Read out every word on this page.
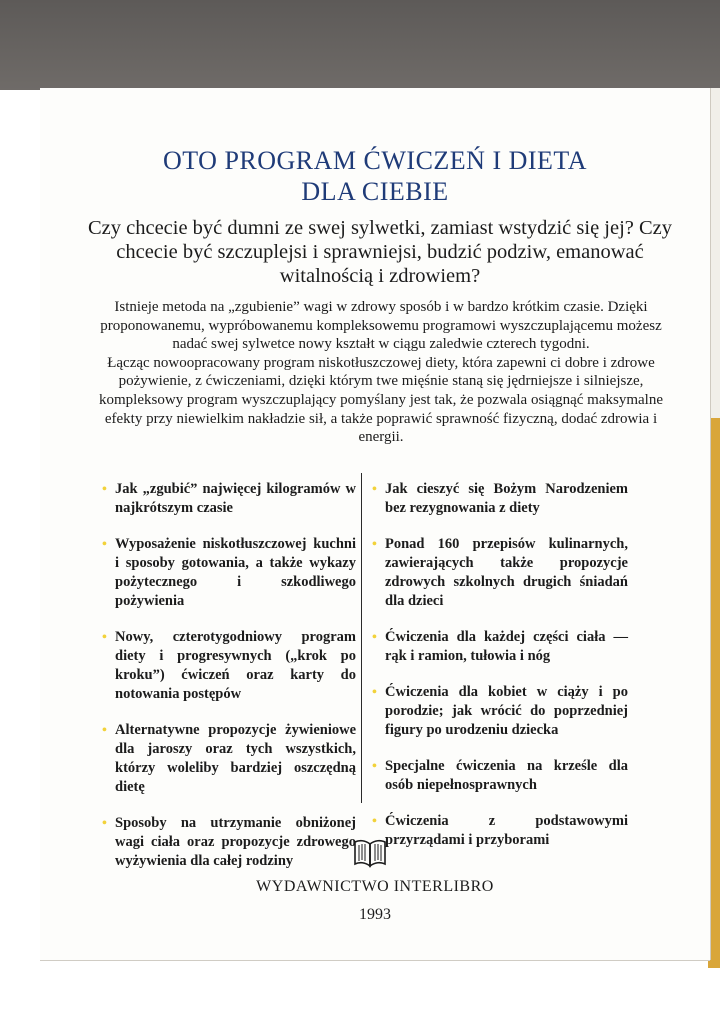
OTO PROGRAM ĆWICZEŃ I DIETA
DLA CIEBIE
Czy chcecie być dumni ze swej sylwetki, zamiast wstydzić się jej? Czy chcecie być szczuplejsi i sprawniejsi, budzić podziw, emanować witalnością i zdrowiem?

Istnieje metoda na „zgubienie” wagi w zdrowy sposób i w bardzo krótkim czasie. Dzięki proponowanemu, wypróbowanemu kompleksowemu programowi wyszczuplającemu możesz nadać swej sylwetce nowy kształt w ciągu zaledwie czterech tygodni.

Łącząc nowoopracowany program niskotłuszczowej diety, która zapewni ci dobre i zdrowe pożywienie, z ćwiczeniami, dzięki którym twe mięśnie staną się jędrniejsze i silniejsze, kompleksowy program wyszczuplający pomyślany jest tak, że pozwala osiągnąć maksymalne efekty przy niewielkim nakładzie sił, a także poprawić sprawność fizyczną, dodać zdrowia i energii.

• Jak „zgubić” najwięcej kilogramów w najkrótszym czasie
• Wyposażenie niskotłuszczowej kuchni i sposoby gotowania, a także wykazy pożytecznego i szkodliwego pożywienia
• Nowy, czterotygodniowy program diety i progresywnych („krok po kroku”) ćwiczeń oraz karty do notowania postępów
• Alternatywne propozycje żywieniowe dla jaroszy oraz tych wszystkich, którzy woleliby bardziej oszczędną dietę
• Sposoby na utrzymanie obniżonej wagi ciała oraz propozycje zdrowego wyżywienia dla całej rodziny
• Jak cieszyć się Bożym Narodzeniem bez rezygnowania z diety
• Ponad 160 przepisów kulinarnych, zawierających także propozycje zdrowych szkolnych drugich śniadań dla dzieci
• Ćwiczenia dla każdej części ciała — rąk i ramion, tułowia i nóg
• Ćwiczenia dla kobiet w ciąży i po porodzie; jak wrócić do poprzedniej figury po urodzeniu dziecka
• Specjalne ćwiczenia na krześle dla osób niepełnosprawnych
• Ćwiczenia z podstawowymi przyrządami i przyborami
WYDAWNICTWO INTERLIBRO
1993
